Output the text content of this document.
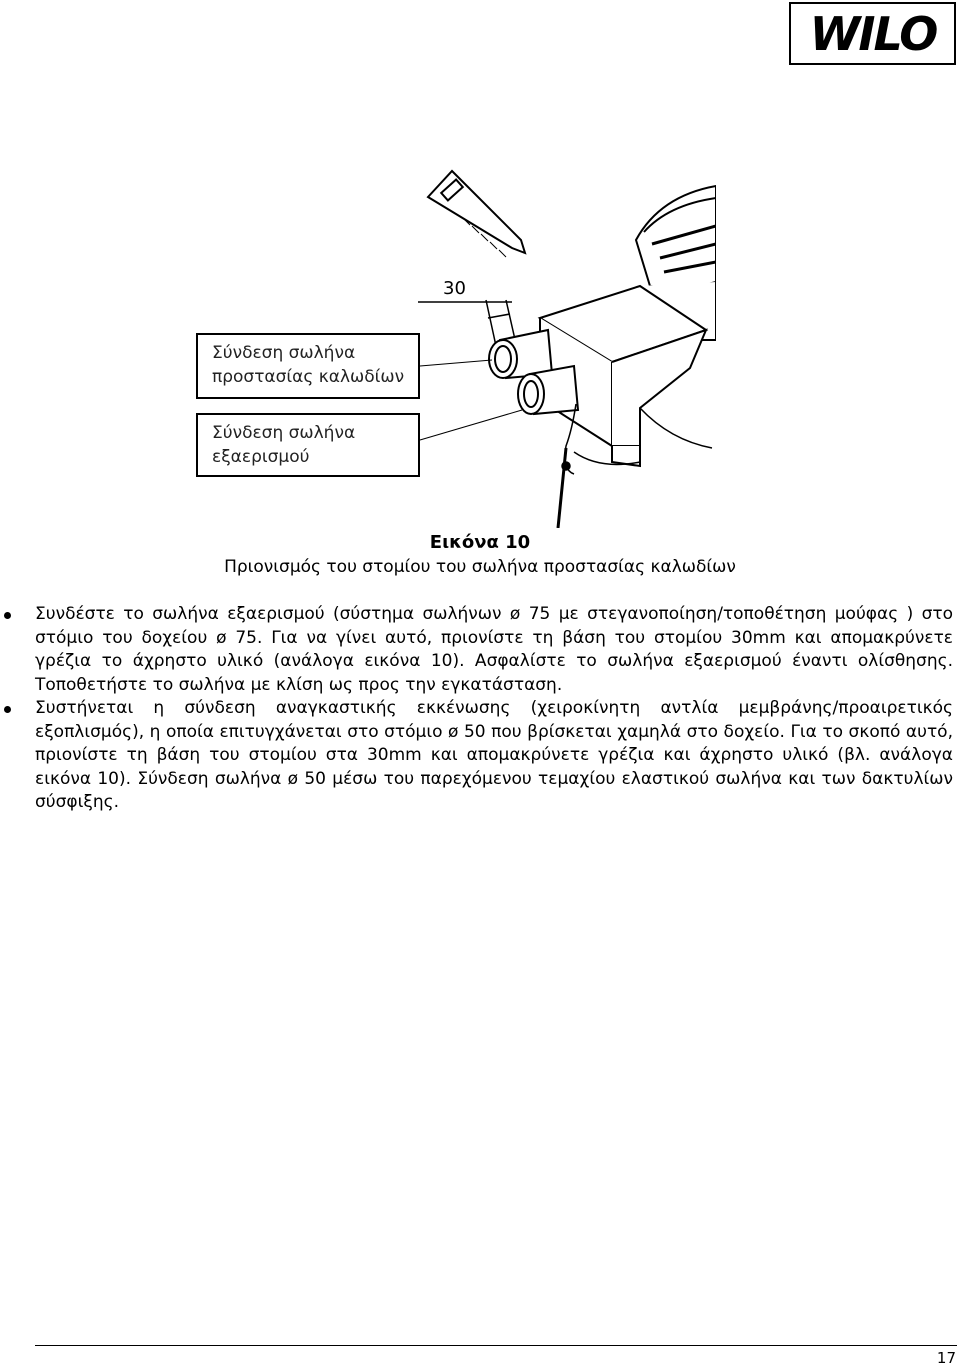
WILO
30
Σύνδεση σωλήνα
προστασίας καλωδίων
Σύνδεση σωλήνα
εξαερισμού
Εικόνα 10
Πριονισμός του στομίου του σωλήνα προστασίας καλωδίων
Συνδέστε το σωλήνα εξαερισμού (σύστημα σωλήνων ø 75 με στεγανοποίηση/τοποθέτηση μούφας ) στο στόμιο του δοχείου ø 75. Για να γίνει αυτό, πριονίστε τη βάση του στομίου 30mm και απομακρύνετε γρέζια το άχρηστο υλικό (ανάλογα εικόνα 10). Ασφαλίστε το σωλήνα εξαερισμού έναντι ολίσθησης. Τοποθετήστε το σωλήνα με κλίση ως προς την εγκατάσταση.
Συστήνεται η σύνδεση αναγκαστικής εκκένωσης (χειροκίνητη αντλία μεμβράνης/προαιρετικός εξοπλισμός), η οποία επιτυγχάνεται στο στόμιο ø 50 που βρίσκεται χαμηλά στο δοχείο. Για το σκοπό αυτό, πριονίστε τη βάση του στομίου στα 30mm και απομακρύνετε γρέζια και άχρηστο υλικό (βλ. ανάλογα εικόνα 10). Σύνδεση σωλήνα ø 50 μέσω του παρεχόμενου τεμαχίου ελαστικού σωλήνα και των δακτυλίων σύσφιξης.
17
